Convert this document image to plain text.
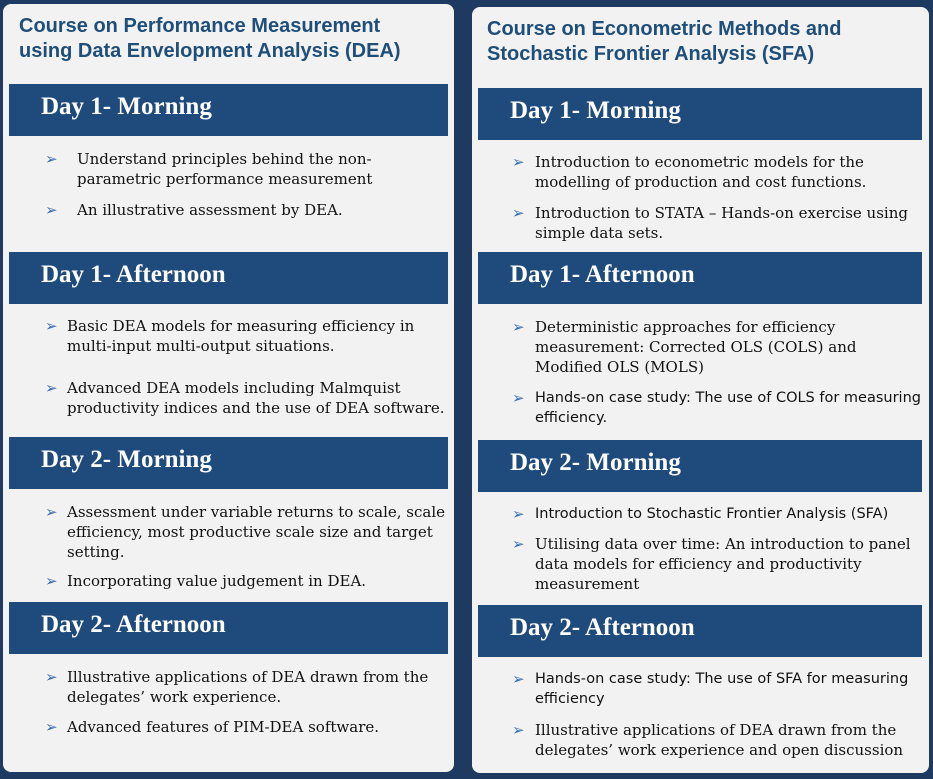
Course on Performance Measurement
using Data Envelopment Analysis (DEA)
Day 1- Morning
➢ Understand principles behind the non-
parametric performance measurement
➢ An illustrative assessment by DEA.
Day 1- Afternoon
➢ Basic DEA models for measuring efficiency in
multi-input multi-output situations.
➢ Advanced DEA models including Malmquist
productivity indices and the use of DEA software.
Day 2- Morning
➢ Assessment under variable returns to scale, scale
efficiency, most productive scale size and target
setting.
➢ Incorporating value judgement in DEA.
Day 2- Afternoon
➢ Illustrative applications of DEA drawn from the
delegates’ work experience.
➢ Advanced features of PIM-DEA software.
Course on Econometric Methods and
Stochastic Frontier Analysis (SFA)
Day 1- Morning
➢ Introduction to econometric models for the
modelling of production and cost functions.
➢ Introduction to STATA – Hands-on exercise using
simple data sets.
Day 1- Afternoon
➢ Deterministic approaches for efficiency
measurement: Corrected OLS (COLS) and
Modified OLS (MOLS)
➢ Hands-on case study: The use of COLS for measuring
efficiency.
Day 2- Morning
➢ Introduction to Stochastic Frontier Analysis (SFA)
➢ Utilising data over time: An introduction to panel
data models for efficiency and productivity
measurement
Day 2- Afternoon
➢ Hands-on case study: The use of SFA for measuring
efficiency
➢ Illustrative applications of DEA drawn from the
delegates’ work experience and open discussion
